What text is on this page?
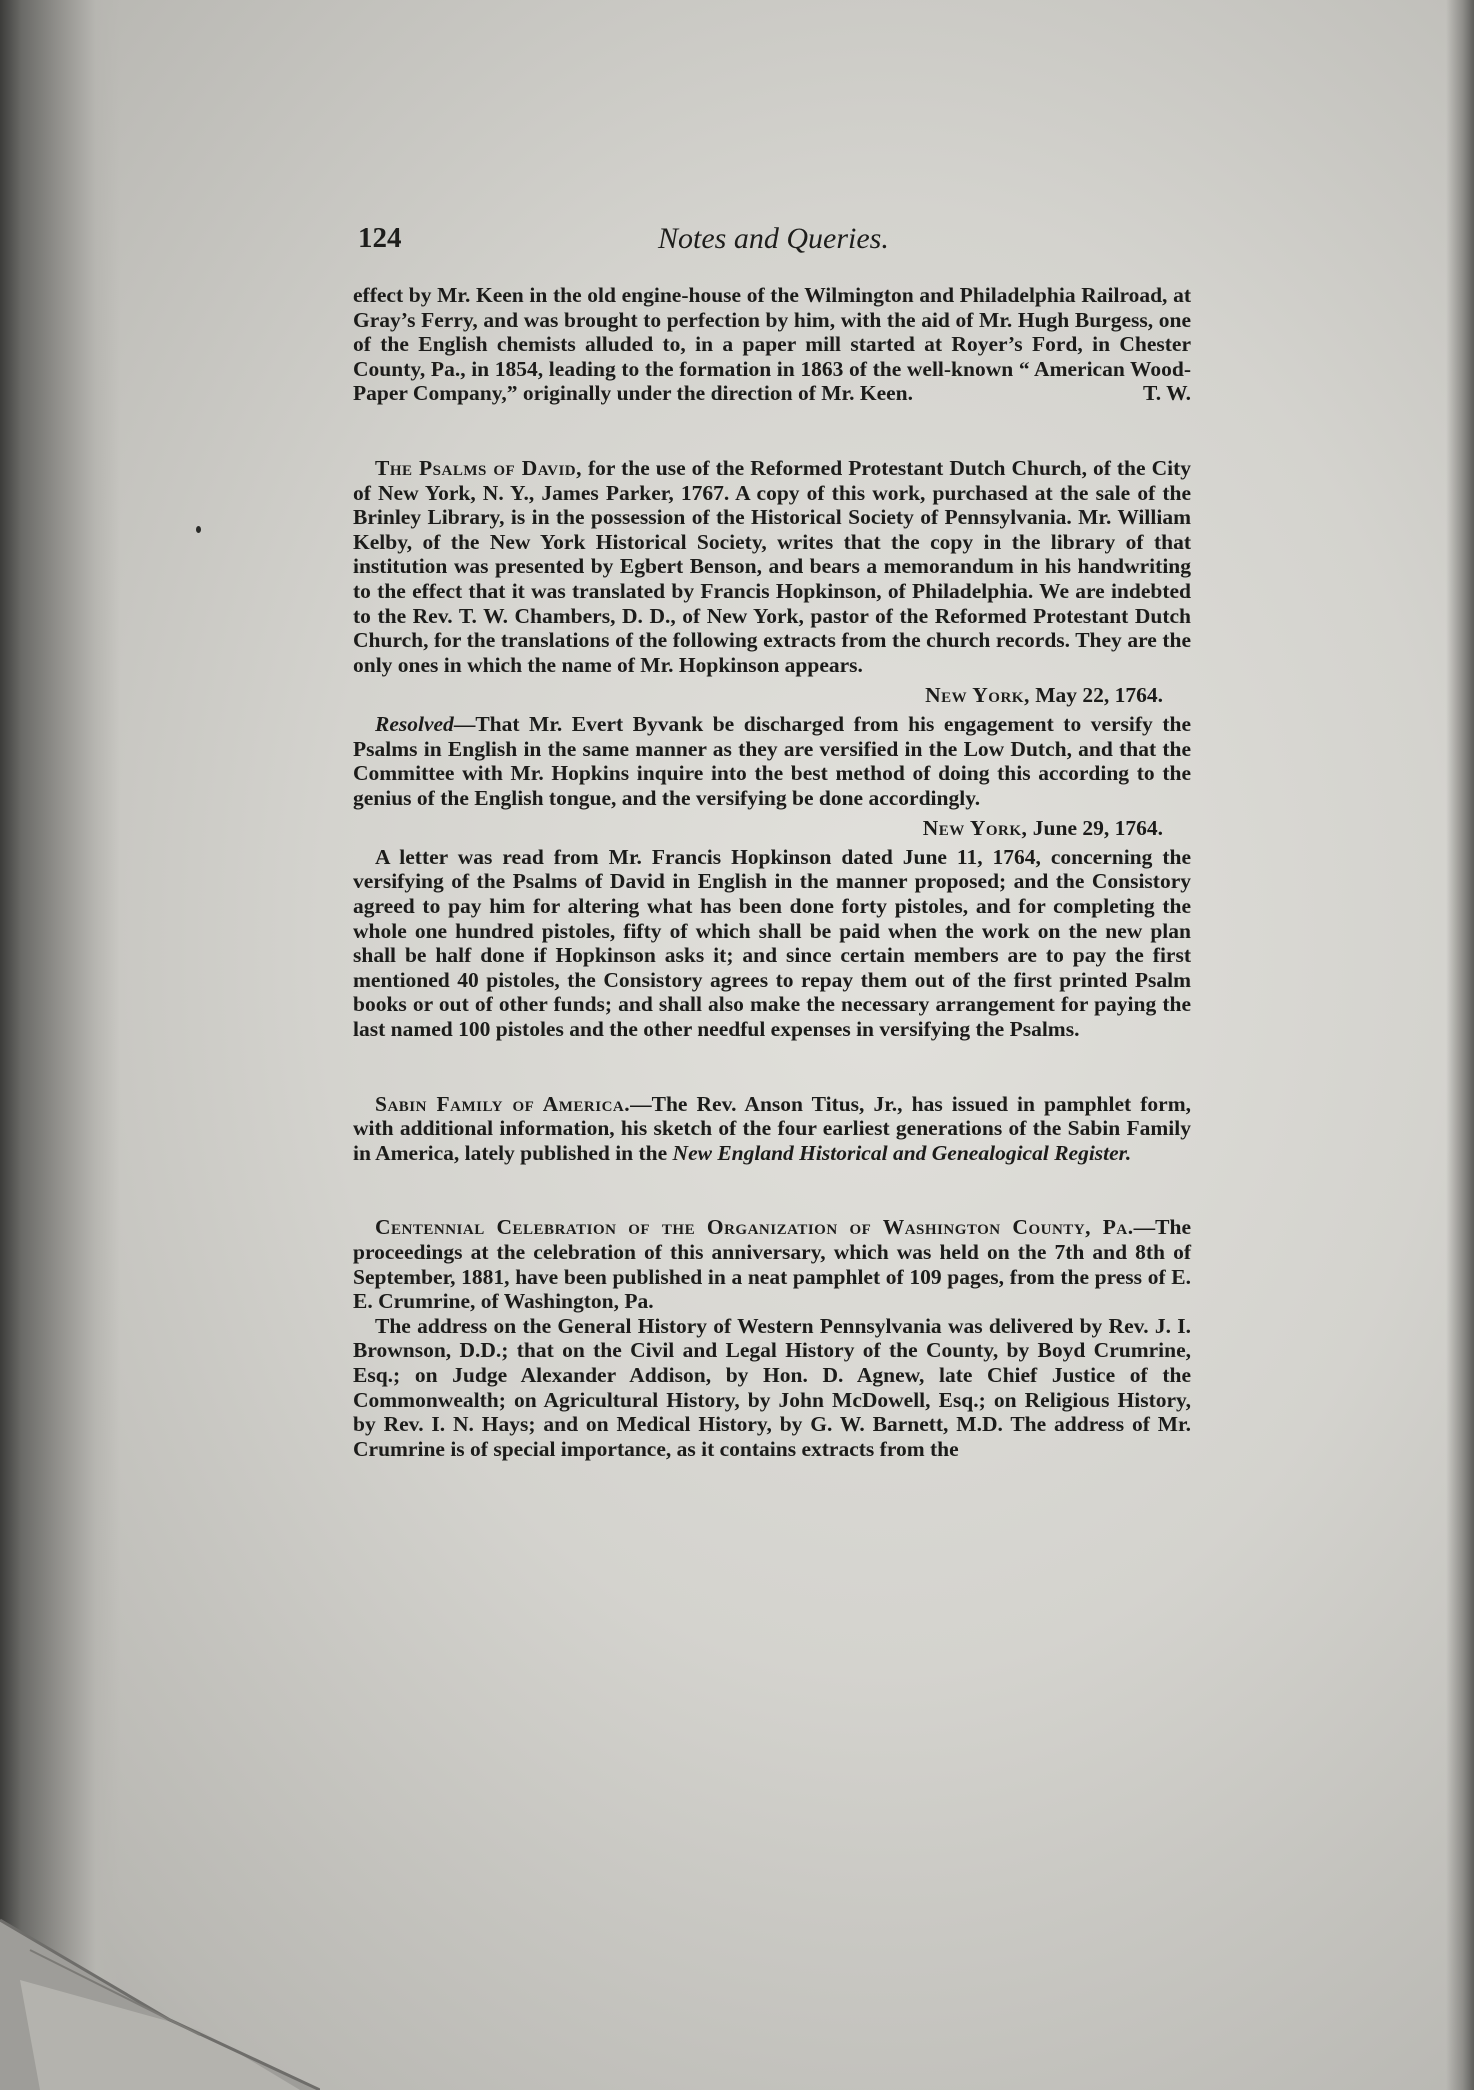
124	Notes and Queries.

effect by Mr. Keen in the old engine-house of the Wilmington and Philadelphia Railroad, at Gray’s Ferry, and was brought to perfection by him, with the aid of Mr. Hugh Burgess, one of the English chemists alluded to, in a paper mill started at Royer’s Ford, in Chester County, Pa., in 1854, leading to the formation in 1863 of the well-known “ American Wood-Paper Company,” originally under the direction of Mr. Keen.	T. W.

The Psalms of David, for the use of the Reformed Protestant Dutch Church, of the City of New York, N. Y., James Parker, 1767. A copy of this work, purchased at the sale of the Brinley Library, is in the possession of the Historical Society of Pennsylvania. Mr. William Kelby, of the New York Historical Society, writes that the copy in the library of that institution was presented by Egbert Benson, and bears a memorandum in his handwriting to the effect that it was translated by Francis Hopkinson, of Philadelphia. We are indebted to the Rev. T. W. Chambers, D. D., of New York, pastor of the Reformed Protestant Dutch Church, for the translations of the following extracts from the church records. They are the only ones in which the name of Mr. Hopkinson appears.

New York, May 22, 1764.

Resolved—That Mr. Evert Byvank be discharged from his engagement to versify the Psalms in English in the same manner as they are versified in the Low Dutch, and that the Committee with Mr. Hopkins inquire into the best method of doing this according to the genius of the English tongue, and the versifying be done accordingly.

New York, June 29, 1764.

A letter was read from Mr. Francis Hopkinson dated June 11, 1764, concerning the versifying of the Psalms of David in English in the manner proposed; and the Consistory agreed to pay him for altering what has been done forty pistoles, and for completing the whole one hundred pistoles, fifty of which shall be paid when the work on the new plan shall be half done if Hopkinson asks it; and since certain members are to pay the first mentioned 40 pistoles, the Consistory agrees to repay them out of the first printed Psalm books or out of other funds; and shall also make the necessary arrangement for paying the last named 100 pistoles and the other needful expenses in versifying the Psalms.

Sabin Family of America.—The Rev. Anson Titus, Jr., has issued in pamphlet form, with additional information, his sketch of the four earliest generations of the Sabin Family in America, lately published in the New England Historical and Genealogical Register.

Centennial Celebration of the Organization of Washington County, Pa.—The proceedings at the celebration of this anniversary, which was held on the 7th and 8th of September, 1881, have been published in a neat pamphlet of 109 pages, from the press of E. E. Crumrine, of Washington, Pa.

The address on the General History of Western Pennsylvania was delivered by Rev. J. I. Brownson, D.D.; that on the Civil and Legal History of the County, by Boyd Crumrine, Esq.; on Judge Alexander Addison, by Hon. D. Agnew, late Chief Justice of the Commonwealth; on Agricultural History, by John McDowell, Esq.; on Religious History, by Rev. I. N. Hays; and on Medical History, by G. W. Barnett, M.D. The address of Mr. Crumrine is of special importance, as it contains extracts from the
